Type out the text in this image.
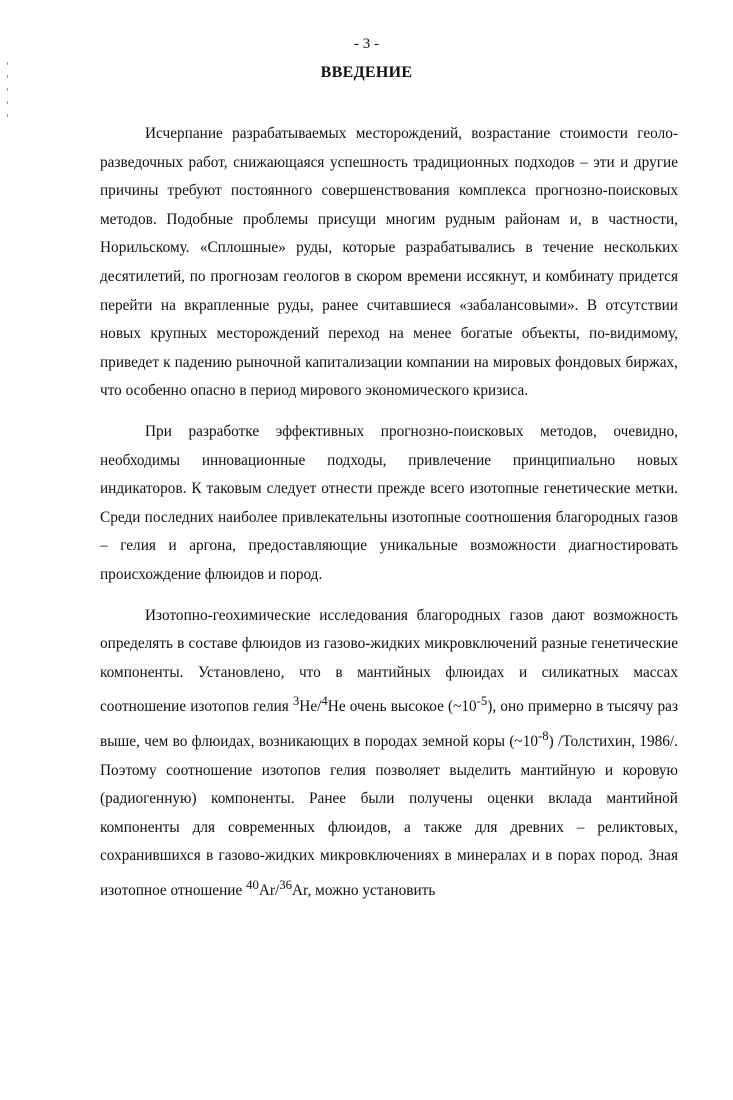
- 3 -
ВВЕДЕНИЕ

Исчерпание разрабатываемых месторождений, возрастание стоимости геоло-разведочных работ, снижающаяся успешность традиционных подходов – эти и другие причины требуют постоянного совершенствования комплекса прогнозно-поисковых методов. Подобные проблемы присущи многим рудным районам и, в частности, Норильскому. «Сплошные» руды, которые разрабатывались в течение нескольких десятилетий, по прогнозам геологов в скором времени иссякнут, и комбинату придется перейти на вкрапленные руды, ранее считавшиеся «забалансовыми». В отсутствии новых крупных месторождений переход на менее богатые объекты, по-видимому, приведет к падению рыночной капитализации компании на мировых фондовых биржах, что особенно опасно в период мирового экономического кризиса.

При разработке эффективных прогнозно-поисковых методов, очевидно, необходимы инновационные подходы, привлечение принципиально новых индикаторов. К таковым следует отнести прежде всего изотопные генетические метки. Среди последних наиболее привлекательны изотопные соотношения благородных газов – гелия и аргона, предоставляющие уникальные возможности диагностировать происхождение флюидов и пород.

Изотопно-геохимические исследования благородных газов дают возможность определять в составе флюидов из газово-жидких микровключений разные генетические компоненты. Установлено, что в мантийных флюидах и силикатных массах соотношение изотопов гелия $^3$He/$^4$He очень высокое $(\sim 10^{-5})$, оно примерно в тысячу раз выше, чем во флюидах, возникающих в породах земной коры $(\sim 10^{-8})$ /Толстихин, 1986/. Поэтому соотношение изотопов гелия позволяет выделить мантийную и коровую (радиогенную) компоненты. Ранее были получены оценки вклада мантийной компоненты для современных флюидов, а также для древних – реликтовых, сохранившихся в газово-жидких микровключениях в минералах и в порах пород. Зная изотопное отношение $^{40}$Ar/$^{36}$Ar, можно установить
